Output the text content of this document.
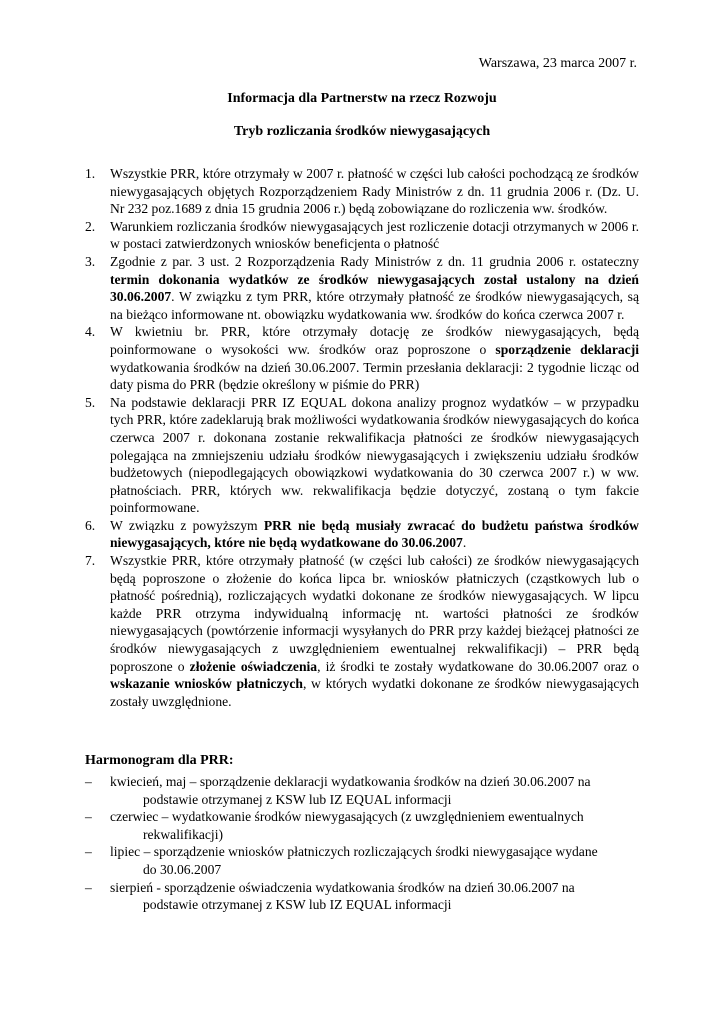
Warszawa, 23 marca 2007 r.
Informacja dla Partnerstw na rzecz Rozwoju
Tryb rozliczania środków niewygasających
1. Wszystkie PRR, które otrzymały w 2007 r. płatność w części lub całości pochodzącą ze środków niewygasających objętych Rozporządzeniem Rady Ministrów z dn. 11 grudnia 2006 r. (Dz. U. Nr 232 poz.1689 z dnia 15 grudnia 2006 r.) będą zobowiązane do rozliczenia ww. środków.
2. Warunkiem rozliczania środków niewygasających jest rozliczenie dotacji otrzymanych w 2006 r. w postaci zatwierdzonych wniosków beneficjenta o płatność
3. Zgodnie z par. 3 ust. 2 Rozporządzenia Rady Ministrów z dn. 11 grudnia 2006 r. ostateczny termin dokonania wydatków ze środków niewygasających został ustalony na dzień 30.06.2007. W związku z tym PRR, które otrzymały płatność ze środków niewygasających, są na bieżąco informowane nt. obowiązku wydatkowania ww. środków do końca czerwca 2007 r.
4. W kwietniu br. PRR, które otrzymały dotację ze środków niewygasających, będą poinformowane o wysokości ww. środków oraz poproszone o sporządzenie deklaracji wydatkowania środków na dzień 30.06.2007. Termin przesłania deklaracji: 2 tygodnie licząc od daty pisma do PRR (będzie określony w piśmie do PRR)
5. Na podstawie deklaracji PRR IZ EQUAL dokona analizy prognoz wydatków – w przypadku tych PRR, które zadeklarują brak możliwości wydatkowania środków niewygasających do końca czerwca 2007 r. dokonana zostanie rekwalifikacja płatności ze środków niewygasających polegająca na zmniejszeniu udziału środków niewygasających i zwiększeniu udziału środków budżetowych (niepodlegających obowiązkowi wydatkowania do 30 czerwca 2007 r.) w ww. płatnościach. PRR, których ww. rekwalifikacja będzie dotyczyć, zostaną o tym fakcie poinformowane.
6. W związku z powyższym PRR nie będą musiały zwracać do budżetu państwa środków niewygasających, które nie będą wydatkowane do 30.06.2007.
7. Wszystkie PRR, które otrzymały płatność (w części lub całości) ze środków niewygasających będą poproszone o złożenie do końca lipca br. wniosków płatniczych (cząstkowych lub o płatność pośrednią), rozliczających wydatki dokonane ze środków niewygasających. W lipcu każde PRR otrzyma indywidualną informację nt. wartości płatności ze środków niewygasających (powtórzenie informacji wysyłanych do PRR przy każdej bieżącej płatności ze środków niewygasających z uwzględnieniem ewentualnej rekwalifikacji) – PRR będą poproszone o złożenie oświadczenia, iż środki te zostały wydatkowane do 30.06.2007 oraz o wskazanie wniosków płatniczych, w których wydatki dokonane ze środków niewygasających zostały uwzględnione.
Harmonogram dla PRR:
– kwiecień, maj – sporządzenie deklaracji wydatkowania środków na dzień 30.06.2007 na
podstawie otrzymanej z KSW lub IZ EQUAL informacji
– czerwiec – wydatkowanie środków niewygasających (z uwzględnieniem ewentualnych
rekwalifikacji)
– lipiec – sporządzenie wniosków płatniczych rozliczających środki niewygasające wydane
do 30.06.2007
– sierpień - sporządzenie oświadczenia wydatkowania środków na dzień 30.06.2007 na
podstawie otrzymanej z KSW lub IZ EQUAL informacji
